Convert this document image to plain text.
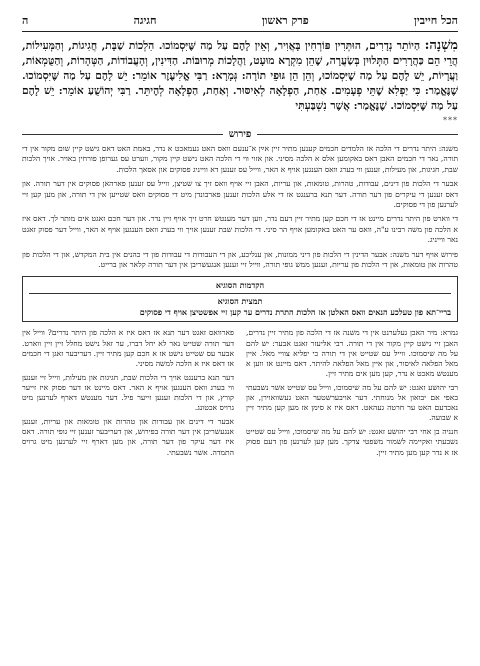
הכל חייבין
פרק ראשון
חגיגה
ה
מִשְׁנָה: הַיוֹתֵר נְדָרִים, הוּתְּרִין פּוֹרְחִין בָּאֲוִיר, וְאֵין לָהֶם עַל מַה שֶּׁיִּסְמוֹכוּ. הִלְכוֹת שַׁבָּת, חֲגִיגוֹת, וְהַמְּעִילוֹת, הֲרֵי הֵם כַּהֲרָרִים הַתְּלוּיִן בְּשַׂעֲרָה, שֶׁהֵן מִקְרָא מוּעָט, וַהֲלָכוֹת מְרוּבּוֹת. הַדִּינִין, וְהָעֲבוֹדוֹת, הַטְּהָרוֹת, וְהַטֻּמְאוֹת, וַעֲרָיוֹת, יֵשׁ לָהֶם עַל מַה שֶׁיִּסְמוֹכוּ, וְהֵן הֵן גּוּפֵי תוֹרָה: גְּמָרָא: רַבִּי אֱלִיעֶזֶר אוֹמֵר: יֵשׁ לָהֶם עַל מַה שֶּׁיִּסְמוֹכוּ. שֶׁנֶּאֱמַר: כִּי יַפְלִא שֶׁתֵּי פְעָמִים. אַחַת, הַפְלָאָה לְאִיסּוּר. וְאַחַת, הַפְלָאָה לְהֶיתֵּר. רַבִּי יְהוֹשֻׁעַ אוֹמֵר: יֵשׁ לָהֶם עַל מַה שֶּׁיִּסְמוֹכוּ. שֶׁנֶּאֱמַר: אֲשֶׁר נִשְׁבַּעְתִּי
***
פירוש

משנה: היתר נדרים די הלכה אז הלמדים חכמים קענען מתיר זיין אײַן א־ענעם וואס האט געמאכט א נדר, באמת האט דאס גישט קיין שום מקור אין די תורה, נאר די חכמים האבן דאס באקומען אלס א הלכה מסיני. און אזוי ווי די הלכה האט נישט קיין מקור, ווערט עס גערופן פורחין באויר. אויך הלכות שבת, חגיגות, און מעילות, זענען ווי בערג וואס הענגען אויף א האר, ווייל עס זענען דא ווייניג פסוקים און אסאך הלכות.

אבער די הלכות פון דינים, עבודות, טהרות, טומאות, און עריות, האבן זיי אויף וואס זיך צו שטיצן, ווייל עס זענען פארהאן פסוקים אין דער תורה. און דאס זענען די עיקרים פון דער תורה. דער תנא ברענגט אז די אלע הלכות זענען פארבונדן מיט די פסוקים וואס שטייען אין די תורה, און מען קען זיי לערנען פון די פסוקים.

די ווארט פון היתר נדרים מיינט אז די חכם קען מתיר זיין דעם נדר, ווען דער מענטש חרט זיך אויף זיין נדר. און דער חכם זאגט אים מותר לך. דאס איז א הלכה פון משה רבינו ע"ה, וואס ער האט באקומען אויף הר סיני. די הלכות שבת זענען אויך ווי בערג וואס הענגען אויף א האר, ווייל דער פסוק זאגט נאר ווייניג.

פירוש אויף דער משנה: אבער הדינין די הלכות פון דיני ממונות, און ענליכע, און די העבודות די עבודות פון די כהנים אין בית המקדש, און די הלכות פון טהרות און טומאות, און די הלכות פון עריות, זענען ממש גופי תורה, ווייל זיי זענען אנגעשריבן אין דער תורה קלאר און ברייט.

הקדמות הסוגיא
תמצית הסוגיא
בריי־תא פון טעלכע הנאים וואס האלטן אז הלכות התרת נדרים ער קען זיי אפשטיצן אויף די פסוקים

גמרא: מיר האבן געלערנט אין די משנה אז די הלכה פון מתיר זיין נדרים, האבן זיי נישט קיין מקור אין די תורה. רבי אליעזר זאגט אבער: יש להם על מה שיסמוכו. ווייל עס שטייט אין די תורה כי יפליא צוויי מאל. איין מאל הפלאה לאיסור, און איין מאל הפלאה להיתר. דאס מיינט אז ווען א מענטש מאכט א נדר, קען מען אים מתיר זיין.

רבי יהושע זאגט: יש להם על מה שיסמוכו, ווייל עס שטייט אשר נשבעתי באפי אם יבואון אל מנוחתי. דער אויבערשטער האט געשוואוירן, און נאכדעם האט ער חרטה געהאט. דאס איז א סימן אז מען קען מתיר זיין א שבועה.

חנניה בן אחי רבי יהושע זאגט: יש להם על מה שיסמוכו, ווייל עס שטייט נשבעתי ואקיימה לשמור משפטי צדקך. מען קען לערנען פון דעם פסוק אז א נדר קען מען מתיר זיין.

פארוואס זאגט דער תנא אז דאס איז א הלכה פון היתר נדרים? ווייל אין דער תורה שטייט נאר לא יחל דברו, ער זאל נישט מחלל זיין זיין ווארט. אבער עס שטייט נישט אז א חכם קען מתיר זיין. דעריבער זאגן די חכמים אז דאס איז א הלכה למשה מסיני.

דער תנא ברענגט אויך די הלכות שבת, חגיגות און מעילות, ווייל זיי זענען ווי בערג וואס הענגען אויף א האר. דאס מיינט אז דער פסוק איז זייער קורץ, און די הלכות זענען זייער פיל. דער מענטש דארף לערנען מיט גרויס אכטונג.

אבער די דינים און עבודות און טהרות און טומאות און עריות, זענען אנגעשריבן אין דער תורה בפירוש, און דעריבער זענען זיי גופי תורה. דאס איז דער עיקר פון דער תורה, און מען דארף זיי לערנען מיט גרויס התמדה. אשר נשבעתי.
